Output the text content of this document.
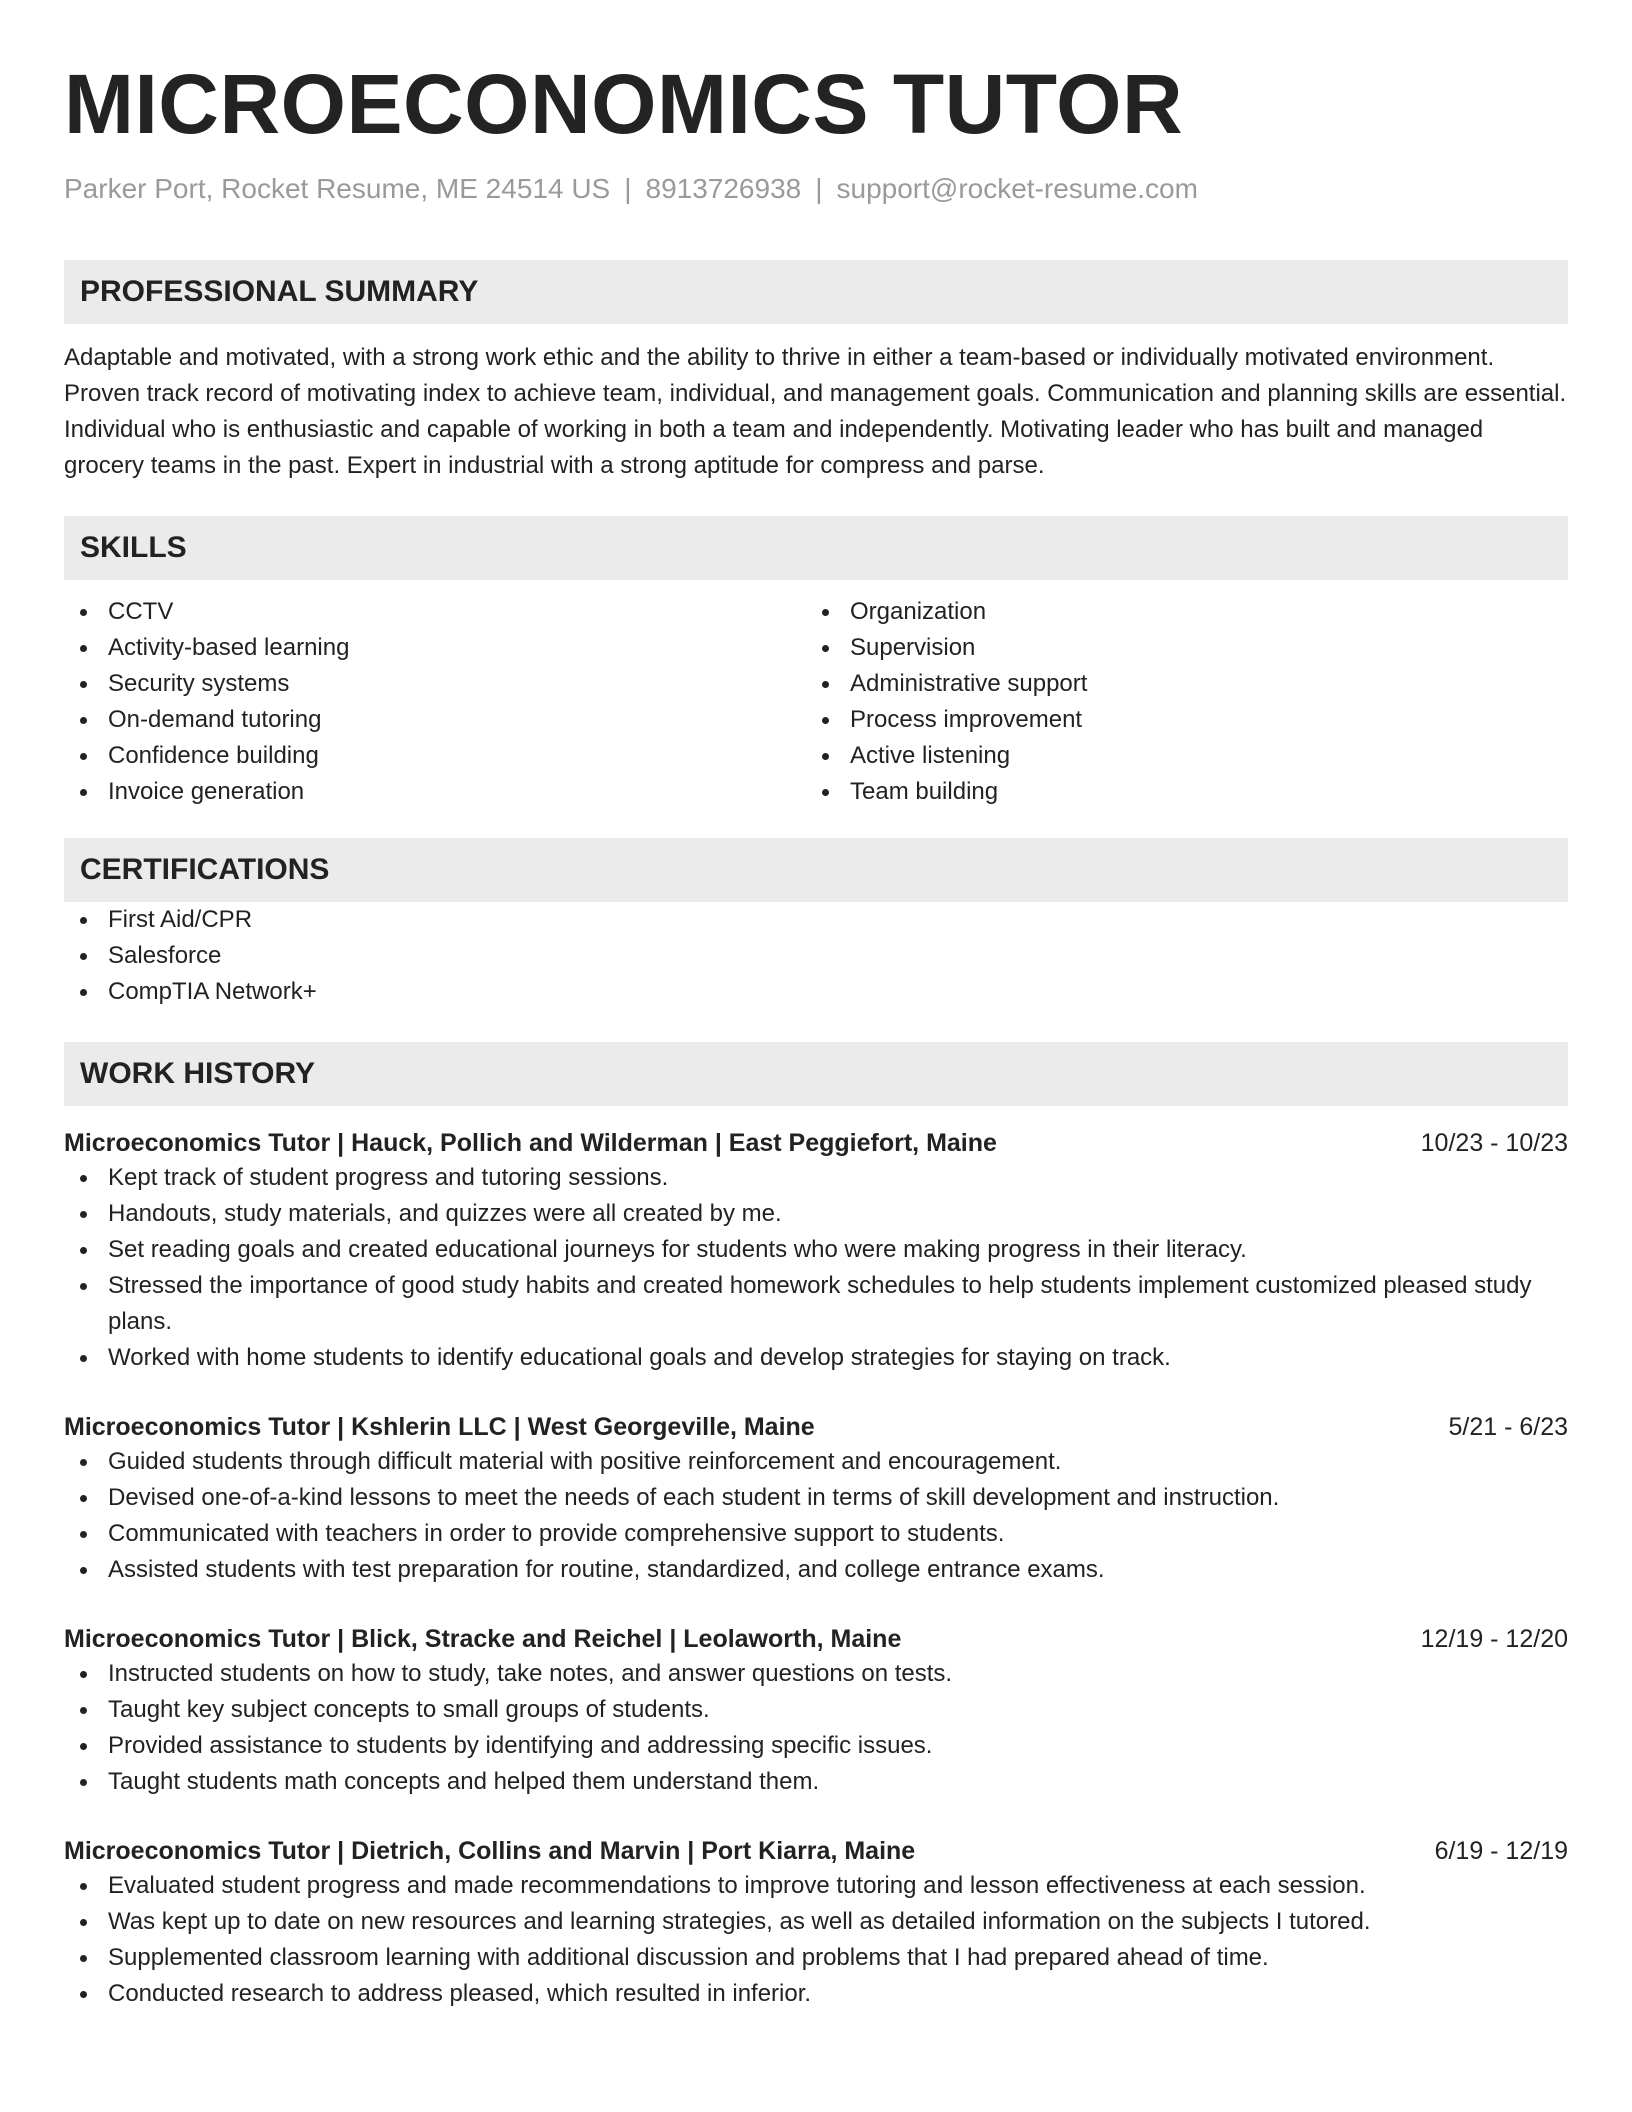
MICROECONOMICS TUTOR
Parker Port, Rocket Resume, ME 24514 US | 8913726938 | support@rocket-resume.com
PROFESSIONAL SUMMARY

Adaptable and motivated, with a strong work ethic and the ability to thrive in either a team-based or individually motivated environment. Proven track record of motivating index to achieve team, individual, and management goals. Communication and planning skills are essential. Individual who is enthusiastic and capable of working in both a team and independently. Motivating leader who has built and managed grocery teams in the past. Expert in industrial with a strong aptitude for compress and parse.

SKILLS
CCTV
Activity-based learning
Security systems
On-demand tutoring
Confidence building
Invoice generation
Organization
Supervision
Administrative support
Process improvement
Active listening
Team building
CERTIFICATIONS
First Aid/CPR
Salesforce
CompTIA Network+
WORK HISTORY
Microeconomics Tutor | Hauck, Pollich and Wilderman | East Peggiefort, Maine	10/23 - 10/23
Kept track of student progress and tutoring sessions.
Handouts, study materials, and quizzes were all created by me.
Set reading goals and created educational journeys for students who were making progress in their literacy.
Stressed the importance of good study habits and created homework schedules to help students implement customized pleased study plans.
Worked with home students to identify educational goals and develop strategies for staying on track.
Microeconomics Tutor | Kshlerin LLC | West Georgeville, Maine	5/21 - 6/23
Guided students through difficult material with positive reinforcement and encouragement.
Devised one-of-a-kind lessons to meet the needs of each student in terms of skill development and instruction.
Communicated with teachers in order to provide comprehensive support to students.
Assisted students with test preparation for routine, standardized, and college entrance exams.
Microeconomics Tutor | Blick, Stracke and Reichel | Leolaworth, Maine	12/19 - 12/20
Instructed students on how to study, take notes, and answer questions on tests.
Taught key subject concepts to small groups of students.
Provided assistance to students by identifying and addressing specific issues.
Taught students math concepts and helped them understand them.
Microeconomics Tutor | Dietrich, Collins and Marvin | Port Kiarra, Maine	6/19 - 12/19
Evaluated student progress and made recommendations to improve tutoring and lesson effectiveness at each session.
Was kept up to date on new resources and learning strategies, as well as detailed information on the subjects I tutored.
Supplemented classroom learning with additional discussion and problems that I had prepared ahead of time.
Conducted research to address pleased, which resulted in inferior.
